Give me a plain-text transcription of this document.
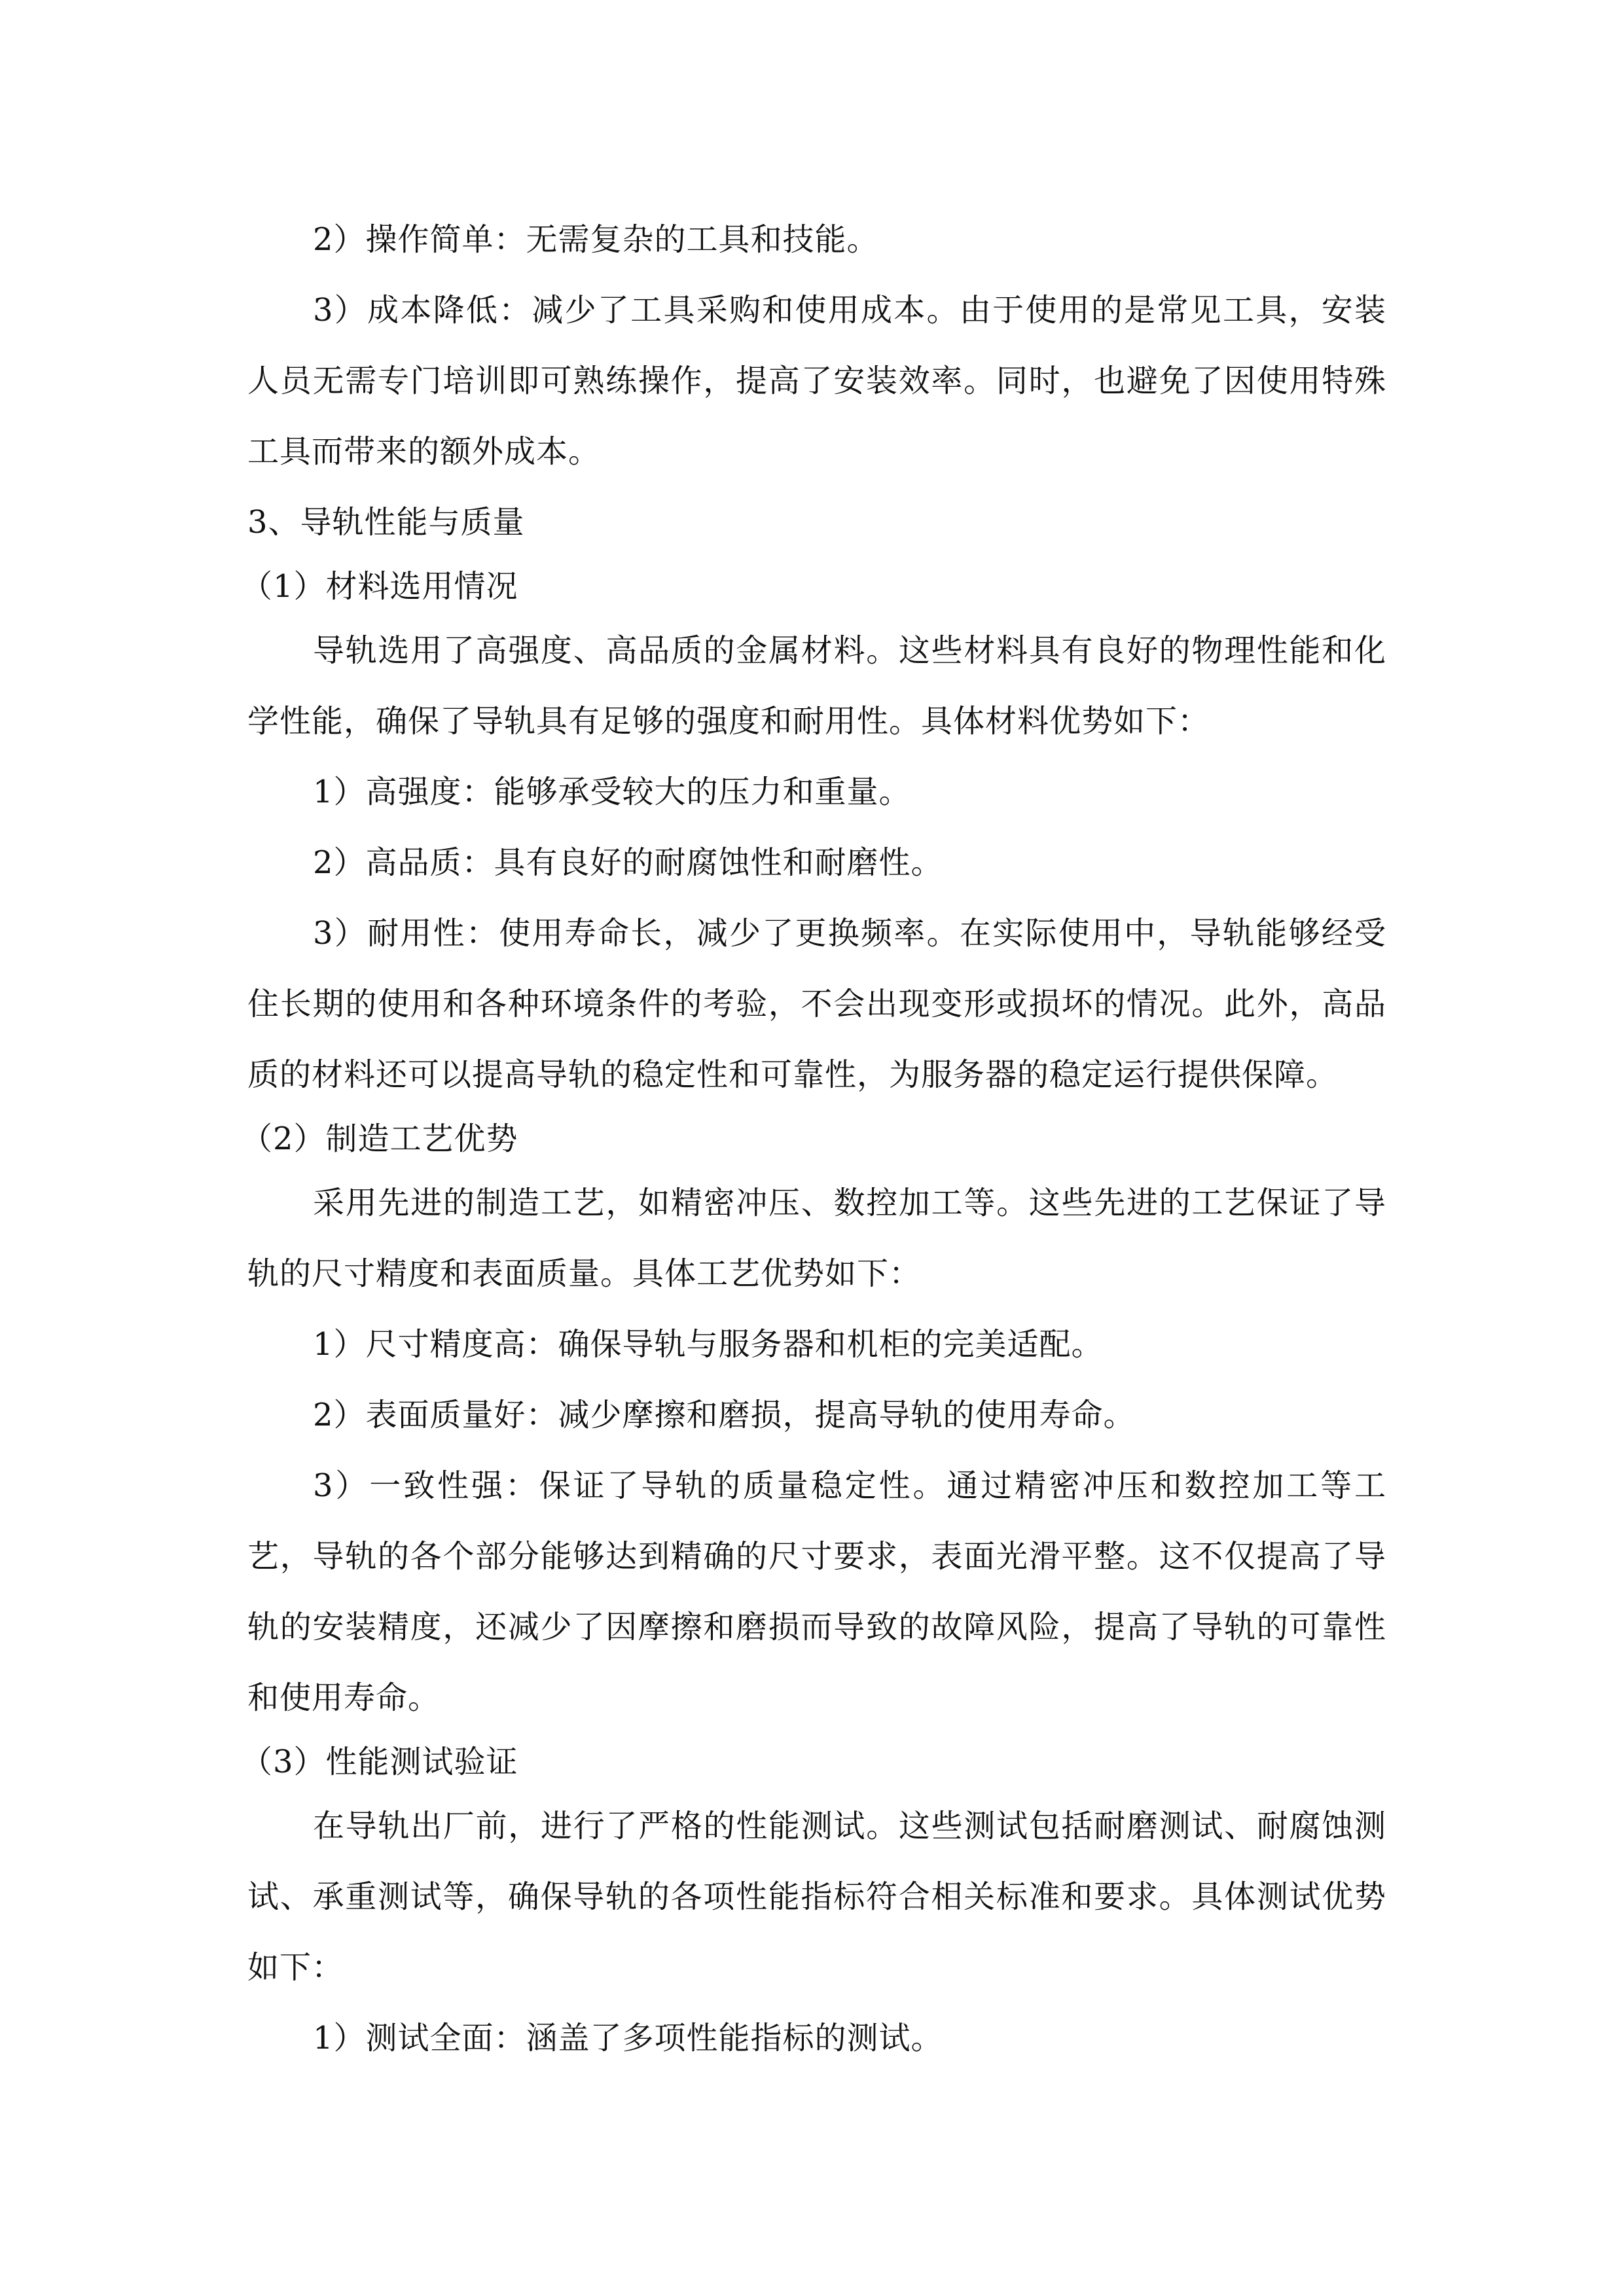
2）操作简单：无需复杂的工具和技能。

3）成本降低：减少了工具采购和使用成本。由于使用的是常见工具，安装人员无需专门培训即可熟练操作，提高了安装效率。同时，也避免了因使用特殊工具而带来的额外成本。

3、导轨性能与质量

（1）材料选用情况

导轨选用了高强度、高品质的金属材料。这些材料具有良好的物理性能和化学性能，确保了导轨具有足够的强度和耐用性。具体材料优势如下：

1）高强度：能够承受较大的压力和重量。

2）高品质：具有良好的耐腐蚀性和耐磨性。

3）耐用性：使用寿命长，减少了更换频率。在实际使用中，导轨能够经受住长期的使用和各种环境条件的考验，不会出现变形或损坏的情况。此外，高品质的材料还可以提高导轨的稳定性和可靠性，为服务器的稳定运行提供保障。

（2）制造工艺优势

采用先进的制造工艺，如精密冲压、数控加工等。这些先进的工艺保证了导轨的尺寸精度和表面质量。具体工艺优势如下：

1）尺寸精度高：确保导轨与服务器和机柜的完美适配。

2）表面质量好：减少摩擦和磨损，提高导轨的使用寿命。

3）一致性强：保证了导轨的质量稳定性。通过精密冲压和数控加工等工艺，导轨的各个部分能够达到精确的尺寸要求，表面光滑平整。这不仅提高了导轨的安装精度，还减少了因摩擦和磨损而导致的故障风险，提高了导轨的可靠性和使用寿命。

（3）性能测试验证

在导轨出厂前，进行了严格的性能测试。这些测试包括耐磨测试、耐腐蚀测试、承重测试等，确保导轨的各项性能指标符合相关标准和要求。具体测试优势如下：

1）测试全面：涵盖了多项性能指标的测试。
